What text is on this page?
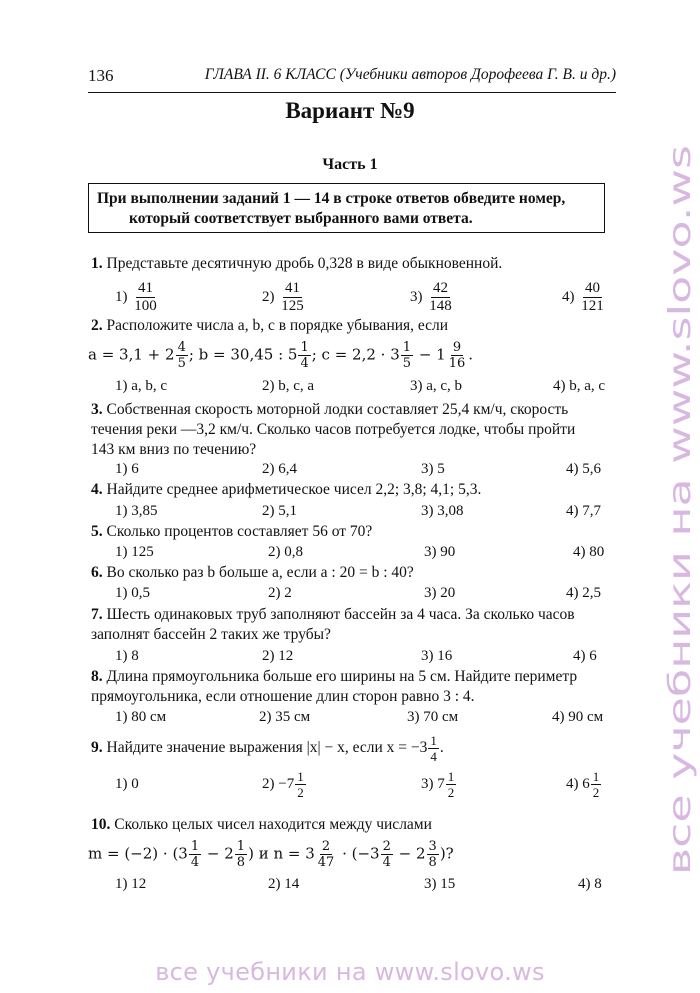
136	ГЛАВА II. 6 КЛАСС (Учебники авторов Дорофеева Г. В. и др.)
Вариант №9
Часть 1
При выполнении заданий 1 — 14 в строке ответов обведите номер,
который соответствует выбранного вами ответа.
1. Представьте десятичную дробь 0,328 в виде обыкновенной.
$1) \frac{41}{100}$	$2) \frac{41}{125}$	$3) \frac{42}{148}$	$4) \frac{40}{121}$
2. Расположите числа a, b, c в порядке убывания, если
$a = 3,1 + 2 \frac{4}{5}$ ; b = 30,45 : $5 \frac{1}{4}$ ; $c = 2,2 \cdot 3 \frac{1}{5} - 1 \frac{9}{16}$ .
1) a, b, c	2) b, c, a	3) a, c, b	4) b, a, c
3. Собственная скорость моторной лодки составляет 25,4 км/ч, скорость
течения реки —3,2 км/ч. Сколько часов потребуется лодке, чтобы пройти
143 км вниз по течению?
1) 6	2) 6,4	3) 5	4) 5,6
4. Найдите среднее арифметическое чисел 2,2; 3,8; 4,1; 5,3.
1) 3,85	2) 5,1	3) 3,08	4) 7,7
5. Сколько процентов составляет 56 от 70?
1) 125	2) 0,8	3) 90	4) 80
6. Во сколько раз b больше a, если a : 20 = b : 40?
1) 0,5	2) 2	3) 20	4) 2,5
7. Шесть одинаковых труб заполняют бассейн за 4 часа. За сколько часов
заполнят бассейн 2 таких же трубы?
1) 8	2) 12	3) 16	4) 6
8. Длина прямоугольника больше его ширины на 5 см. Найдите периметр
прямоугольника, если отношение длин сторон равно 3 : 4.
1) 80 см	2) 35 см	3) 70 см	4) 90 см
9. Найдите значение выражения |x| − x, если $x = -3 \frac{1}{4}$ .
1) 0	$2) -7 \frac{1}{2}$	3) $7 \frac{1}{2}$	4) $6 \frac{1}{2}$
10. Сколько целых чисел находится между числами
$m = (-2) \cdot (3 \frac{1}{4} - 2 \frac{1}{8}$ ) и $n = 3 \frac{2}{47} \cdot (-3 \frac{2}{4} - 2 \frac{3}{8}$ )?
1) 12	2) 14	3) 15	4) 8
все учебники на www.slovo.ws
все учебники на www.slovo.ws
